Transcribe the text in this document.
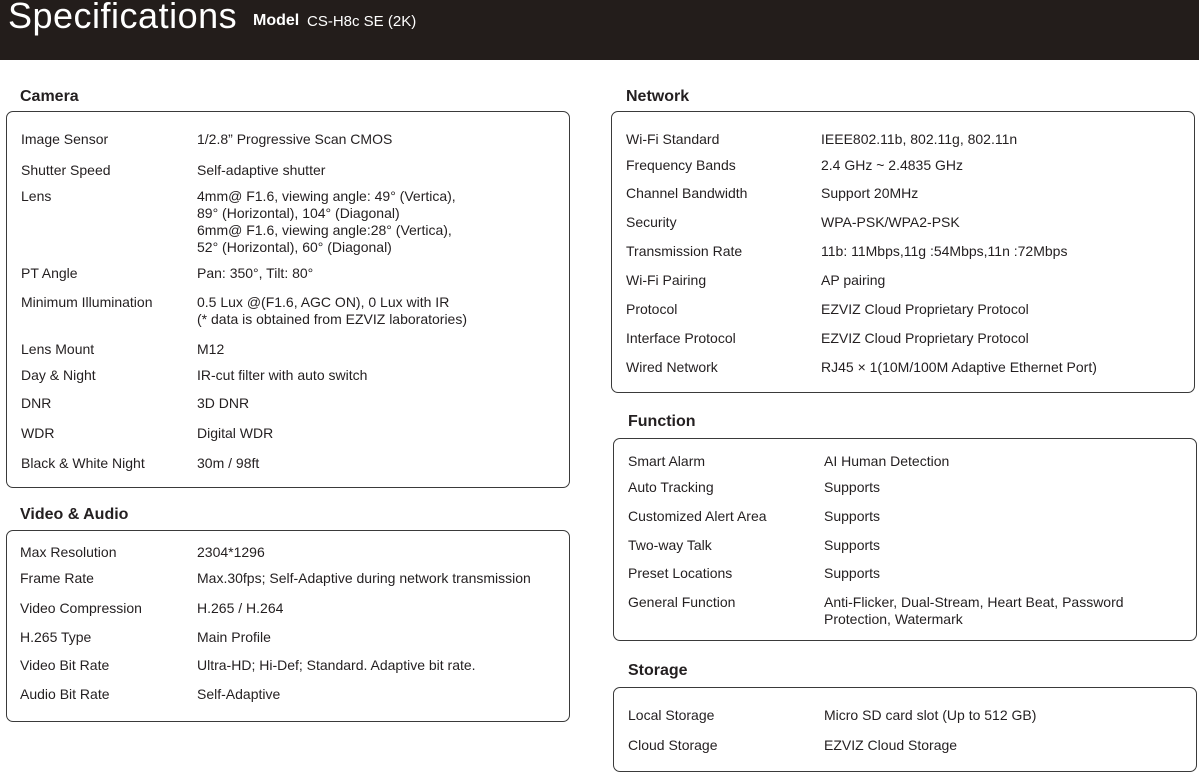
Specifications Model CS-H8c SE (2K)
Camera
Image Sensor	1/2.8” Progressive Scan CMOS
Shutter Speed	Self-adaptive shutter
Lens	4mm@ F1.6, viewing angle: 49° (Vertica),
89° (Horizontal), 104° (Diagonal)
6mm@ F1.6, viewing angle:28° (Vertica),
52° (Horizontal), 60° (Diagonal)
PT Angle	Pan: 350°, Tilt: 80°
Minimum Illumination	0.5 Lux @(F1.6, AGC ON), 0 Lux with IR
(* data is obtained from EZVIZ laboratories)
Lens Mount	M12
Day & Night	IR-cut filter with auto switch
DNR	3D DNR
WDR	Digital WDR
Black & White Night	30m / 98ft
Video & Audio
Max Resolution	2304*1296
Frame Rate	Max.30fps; Self-Adaptive during network transmission
Video Compression	H.265 / H.264
H.265 Type	Main Profile
Video Bit Rate	Ultra-HD; Hi-Def; Standard. Adaptive bit rate.
Audio Bit Rate	Self-Adaptive
Network
Wi-Fi Standard	IEEE802.11b, 802.11g, 802.11n
Frequency Bands	2.4 GHz ~ 2.4835 GHz
Channel Bandwidth	Support 20MHz
Security	WPA-PSK/WPA2-PSK
Transmission Rate	11b: 11Mbps,11g :54Mbps,11n :72Mbps
Wi-Fi Pairing	AP pairing
Protocol	EZVIZ Cloud Proprietary Protocol
Interface Protocol	EZVIZ Cloud Proprietary Protocol
Wired Network	RJ45 × 1(10M/100M Adaptive Ethernet Port)
Function
Smart Alarm	AI Human Detection
Auto Tracking	Supports
Customized Alert Area	Supports
Two-way Talk	Supports
Preset Locations	Supports
General Function	Anti-Flicker, Dual-Stream, Heart Beat, Password
Protection, Watermark
Storage
Local Storage	Micro SD card slot (Up to 512 GB)
Cloud Storage	EZVIZ Cloud Storage
